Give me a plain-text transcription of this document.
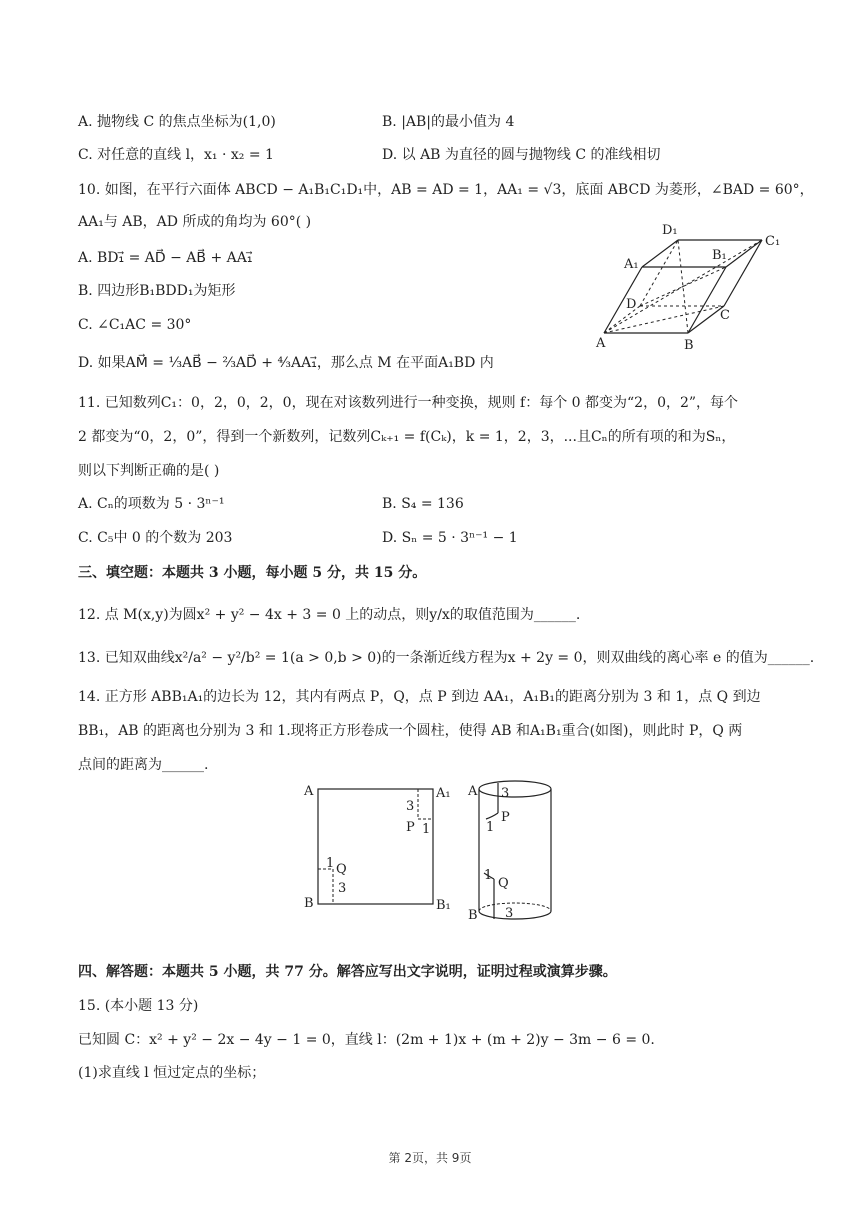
A. 抛物线 C 的焦点坐标为(1,0)	B. |AB|的最小值为 4
C. 对任意的直线 l，x₁ · x₂ = 1	D. 以 AB 为直径的圆与抛物线 C 的准线相切
10. 如图，在平行六面体 ABCD − A₁B₁C₁D₁中，AB = AD = 1，AA₁ = √3，底面 ABCD 为菱形，∠BAD = 60°，
AA₁与 AB，AD 所成的角均为 60°( )
A. BD₁⃗ = AD⃗ − AB⃗ + AA₁⃗
B. 四边形B₁BDD₁为矩形
C. ∠C₁AC = 30°
D. 如果AM⃗ = ⅓AB⃗ − ⅔AD⃗ + ⁴⁄₃AA₁⃗，那么点 M 在平面A₁BD 内
D₁
C₁
A₁
B₁
D
C
A	B
11. 已知数列C₁：0，2，0，2，0，现在对该数列进行一种变换，规则 f：每个 0 都变为“2，0，2”，每个
2 都变为“0，2，0”，得到一个新数列，记数列Cₖ₊₁ = f(Cₖ)，k = 1，2，3，...且Cₙ的所有项的和为Sₙ，
则以下判断正确的是( )
A. Cₙ的项数为 5 · 3ⁿ⁻¹	B. S₄ = 136
C. C₅中 0 的个数为 203	D. Sₙ = 5 · 3ⁿ⁻¹ − 1
三、填空题：本题共 3 小题，每小题 5 分，共 15 分。
12. 点 M(x,y)为圆x² + y² − 4x + 3 = 0 上的动点，则y/x的取值范围为______.
13. 已知双曲线x²/a² − y²/b² = 1(a > 0,b > 0)的一条渐近线方程为x + 2y = 0，则双曲线的离心率 e 的值为______.
14. 正方形 ABB₁A₁的边长为 12，其内有两点 P，Q，点 P 到边 AA₁，A₁B₁的距离分别为 3 和 1，点 Q 到边
BB₁，AB 的距离也分别为 3 和 1.现将正方形卷成一个圆柱，使得 AB 和A₁B₁重合(如图)，则此时 P，Q 两
点间的距离为______.
A	A₁
B	B₁
3
P 1
1 Q
3
A 3
P
1
1
Q
B 3
四、解答题：本题共 5 小题，共 77 分。解答应写出文字说明，证明过程或演算步骤。
15. (本小题 13 分)
已知圆 C：x² + y² − 2x − 4y − 1 = 0，直线 l：(2m + 1)x + (m + 2)y − 3m − 6 = 0.
(1)求直线 l 恒过定点的坐标；
第 2页，共 9页
